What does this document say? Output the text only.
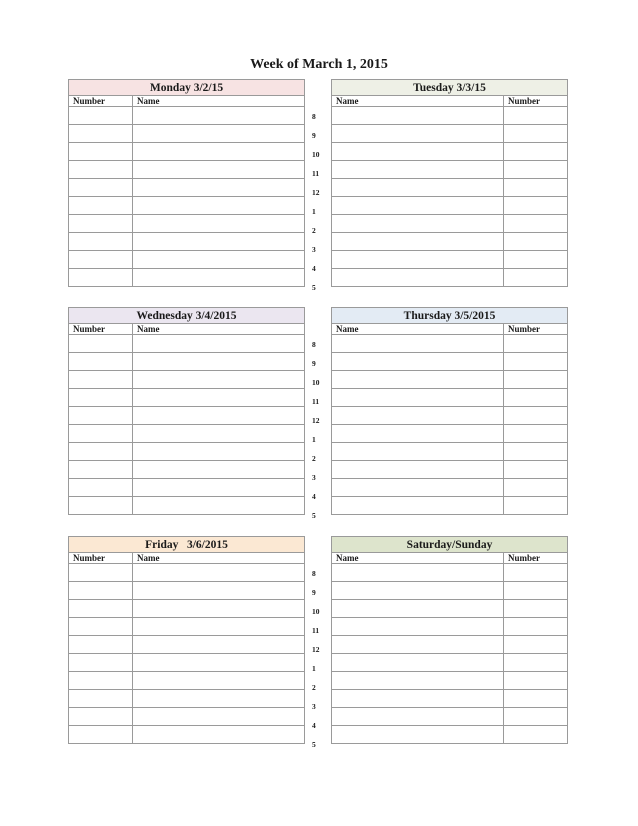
Week of March 1, 2015
Monday 3/2/15	
Number	Name

8
9
10
11
12
1
2
3
4
5
Tuesday 3/3/15	
Name	Number

Wednesday 3/4/2015	
Number	Name

8
9
10
11
12
1
2
3
4
5
Thursday 3/5/2015	
Name	Number

Friday   3/6/2015	
Number	Name

8
9
10
11
12
1
2
3
4
5
Saturday/Sunday	
Name	Number
